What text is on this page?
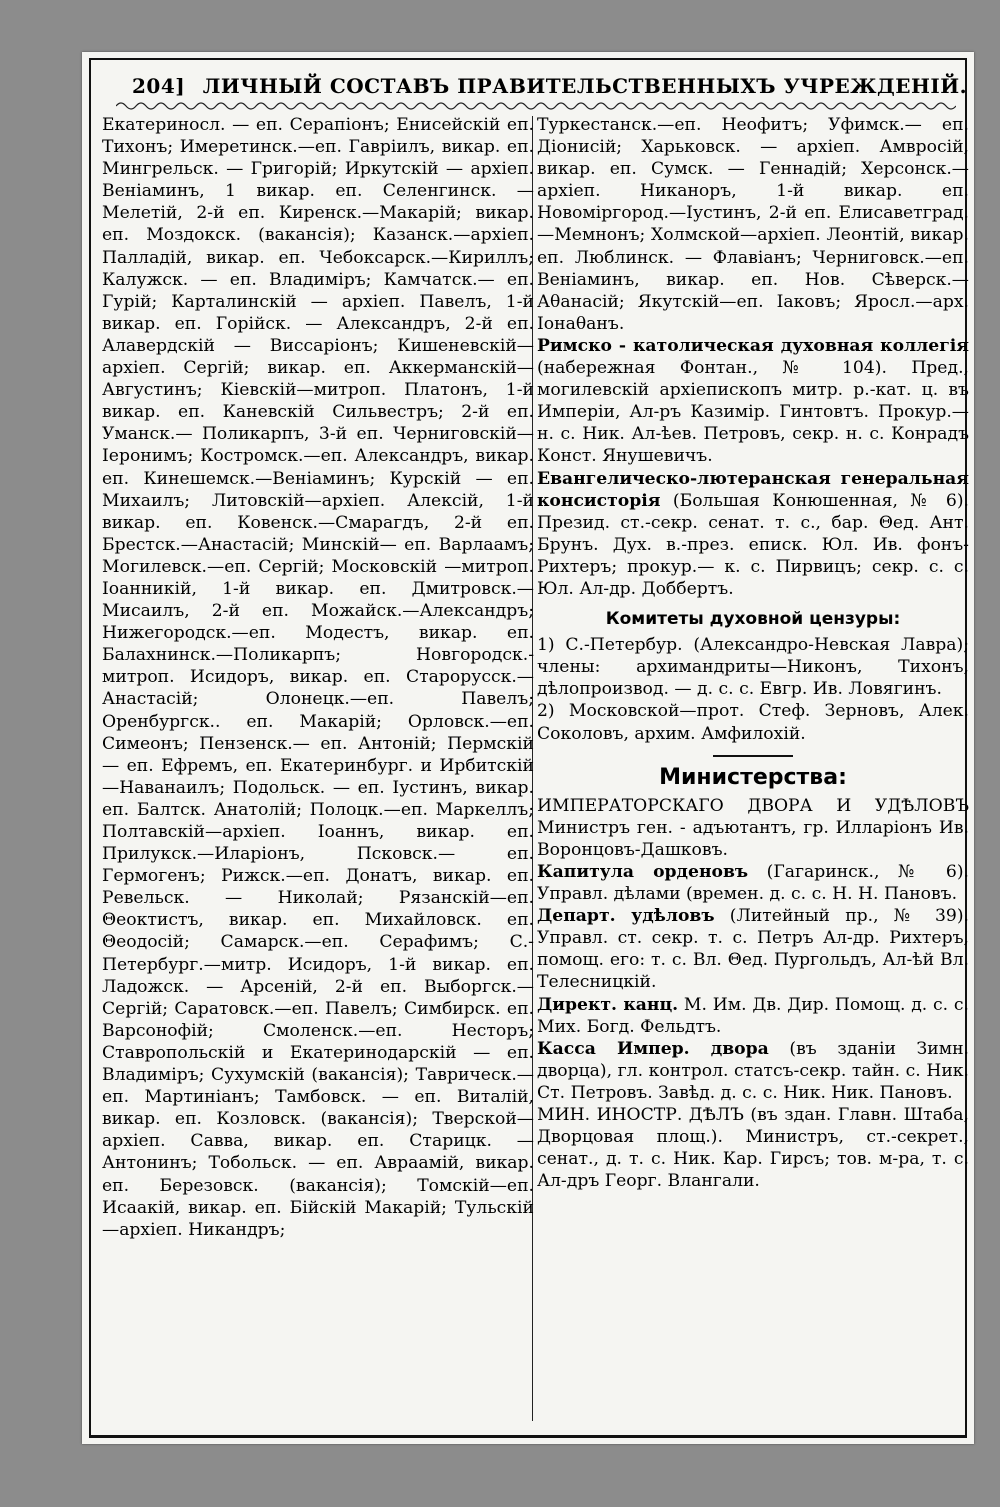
204] ЛИЧНЫЙ СОСТАВЪ ПРАВИТЕЛЬСТВЕННЫХЪ УЧРЕЖДЕНІЙ.

Екатериносл. — еп. Серапіонъ; Енисейскій еп. Тихонъ; Имеретинск.—еп. Гавріилъ, викар. еп. Мингрельск. — Григорій; Иркутскій — архіеп. Веніаминъ, 1 викар. еп. Селенгинск. — Мелетій, 2-й еп. Киренск.—Макарій; викар. еп. Моздокск. (вакансія); Казанск.—архіеп. Палладій, викар. еп. Чебоксарск.—Кириллъ; Калужск. — еп. Владиміръ; Камчатск.— еп. Гурій; Карталинскій — архіеп. Павелъ, 1-й викар. еп. Горійск. — Александръ, 2-й еп. Алавердскій — Виссаріонъ; Кишеневскій—архіеп. Сергій; викар. еп. Аккерманскій—Августинъ; Кіевскій—митроп. Платонъ, 1-й викар. еп. Каневскій Сильвестръ; 2-й еп. Уманск.— Поликарпъ, 3-й еп. Черниговскій—Іеронимъ; Костромск.—еп. Александръ, викар. еп. Кинешемск.—Веніаминъ; Курскій — еп. Михаилъ; Литовскій—архіеп. Алексій, 1-й викар. еп. Ковенск.—Смарагдъ, 2-й еп. Брестск.—Анастасій; Минскій— еп. Варлаамъ; Могилевск.—еп. Сергій; Московскій —митроп. Іоанникій, 1-й викар. еп. Дмитровск.—Мисаилъ, 2-й еп. Можайск.—Александръ; Нижегородск.—еп. Модестъ, викар. еп. Балахнинск.—Поликарпъ; Новгородск.-митроп. Исидоръ, викар. еп. Старорусск.—Анастасій; Олонецк.—еп. Павелъ; Оренбургск.. еп. Макарій; Орловск.—еп. Симеонъ; Пензенск.— еп. Антоній; Пермскій — еп. Ефремъ, еп. Екатеринбург. и Ирбитскій—Наванаилъ; Подольск. — еп. Іустинъ, викар. еп. Балтск. Анатолій; Полоцк.—еп. Маркеллъ; Полтавскій—архіеп. Іоаннъ, викар. еп. Прилукск.—Иларіонъ, Псковск.— еп. Гермогенъ; Рижск.—еп. Донатъ, викар. еп. Ревельск. — Николай; Рязанскій—еп. Θеоктистъ, викар. еп. Михайловск. еп. Θеодосій; Самарск.—еп. Серафимъ; С.-Петербург.—митр. Исидоръ, 1-й викар. еп. Ладожск. — Арсеній, 2-й еп. Выборгск.—Сергій; Саратовск.—еп. Павелъ; Симбирск. еп. Варсонофій; Смоленск.—еп. Несторъ; Ставропольскій и Екатеринодарскій — еп. Владиміръ; Сухумскій (вакансія); Таврическ.—еп. Мартиніанъ; Тамбовск. — еп. Виталій, викар. еп. Козловск. (вакансія); Тверской— архіеп. Савва, викар. еп. Старицк. — Антонинъ; Тобольск. — еп. Авраамій, викар. еп. Березовск. (вакансія); Томскій—еп. Исаакій, викар. еп. Бійскій Макарій; Тульскій—архіеп. Никандръ;

Туркестанск.—еп. Неофитъ; Уфимск.— еп. Діонисій; Харьковск. — архіеп. Амвросій, викар. еп. Сумск. — Геннадій; Херсонск.—архіеп. Никаноръ, 1-й викар. еп. Новоміргород.—Іустинъ, 2-й еп. Елисаветград.—Мемнонъ; Холмской—архіеп. Леонтій, викар. еп. Люблинск. — Флавіанъ; Черниговск.—еп. Веніаминъ, викар. еп. Нов. Сѣверск.—Аθанасій; Якутскій—еп. Іаковъ; Яросл.—арх. Іонаθанъ.

Римско - католическая духовная коллегія (набережная Фонтан., № 104). Пред., могилевскій архіепископъ митр. р.-кат. ц. въ Имперіи, Ал-ръ Казимір. Гинтовтъ. Прокур.—н. с. Ник. Ал-ѣев. Петровъ, секр. н. с. Конрадъ Конст. Янушевичъ.

Евангелическо-лютеранская генеральная консисторія (Большая Конюшенная, № 6). Презид. ст.-секр. сенат. т. с., бар. Θед. Ант. Брунъ. Дух. в.-през. еписк. Юл. Ив. фонъ-Рихтеръ; прокур.— к. с. Пирвицъ; секр. с. с. Юл. Ал-др. Доббертъ.

Комитеты духовной цензуры:

1) С.-Петербур. (Александро-Невская Лавра); члены: архимандриты—Никонъ, Тихонъ, дѣлопроизвод. — д. с. с. Евгр. Ив. Ловягинъ.

2) Московской—прот. Стеф. Зерновъ, Алек. Соколовъ, архим. Амфилохій.

Министерства:

ИМПЕРАТОРСКАГО ДВОРА И УДѢЛОВЪ Министръ ген. - адъютантъ, гр. Илларіонъ Ив. Воронцовъ-Дашковъ.

Капитула орденовъ (Гагаринск., № 6). Управл. дѣлами (времен. д. с. с. Н. Н. Пановъ.

Департ. удѣловъ (Литейный пр., № 39). Управл. ст. секр. т. с. Петръ Ал-др. Рихтеръ, помощ. его: т. с. Вл. Θед. Пургольдъ, Ал-ѣй Вл. Телесницкій.

Директ. канц. М. Им. Дв. Дир. Помощ. д. с. с. Мих. Богд. Фельдтъ.

Касса Импер. двора (въ зданіи Зимн. дворца), гл. контрол. статсъ-секр. тайн. с. Ник. Ст. Петровъ. Завѣд. д. с. с. Ник. Ник. Пановъ.

МИН. ИНОСТР. ДѢЛЪ (въ здан. Главн. Штаба, Дворцовая площ.). Министръ, ст.-секрет., сенат., д. т. с. Ник. Кар. Гирсъ; тов. м-ра, т. с. Ал-дръ Георг. Влангали.
